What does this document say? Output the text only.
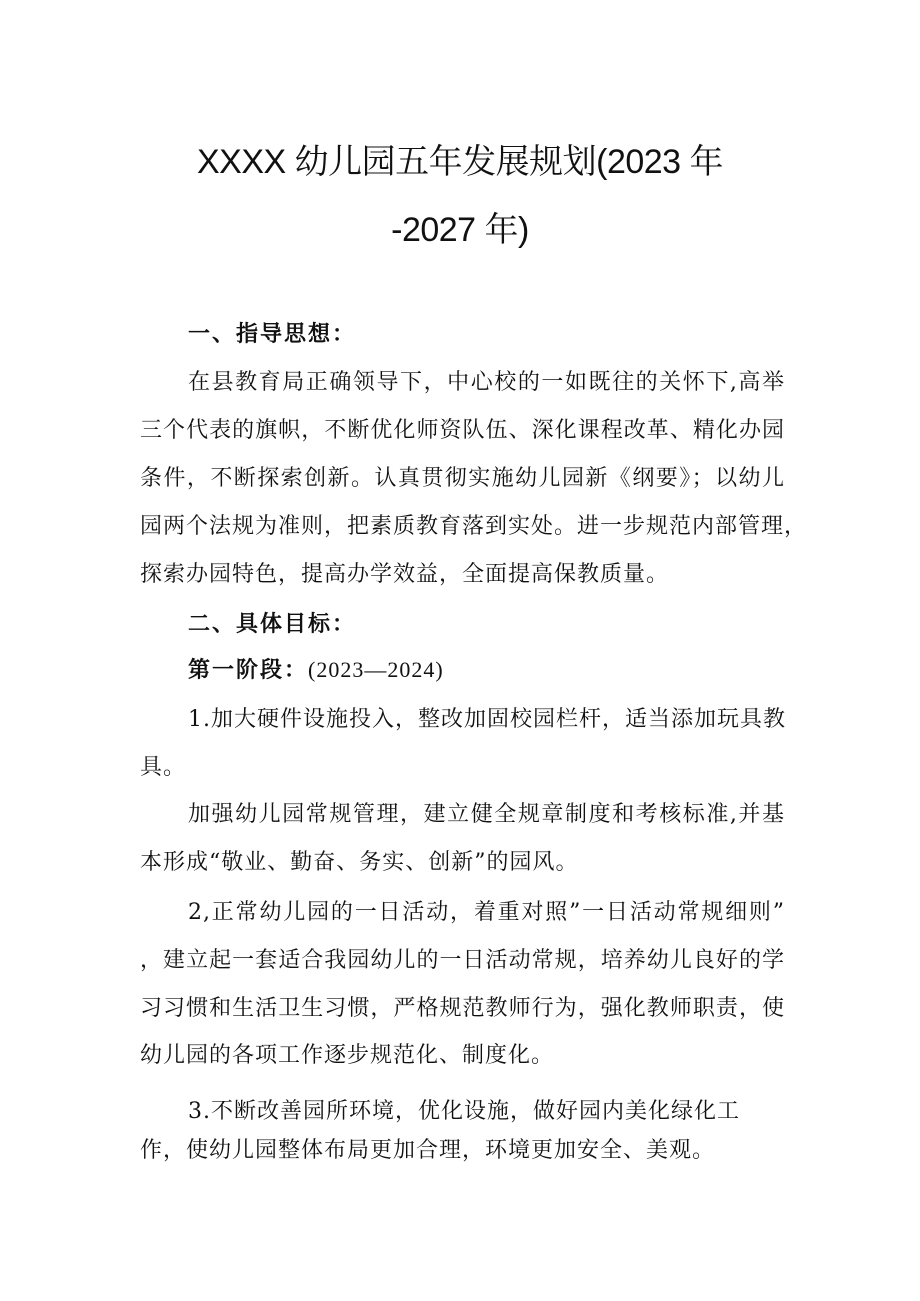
XXXX 幼儿园五年发展规划(2023 年
-2027 年)
一、指导思想：
在县教育局正确领导下，中心校的一如既往的关怀下,高举
三个代表的旗帜，不断优化师资队伍、深化课程改革、精化办园
条件，不断探索创新。认真贯彻实施幼儿园新《纲要》；以幼儿
园两个法规为准则，把素质教育落到实处。进一步规范内部管理，
探索办园特色，提高办学效益，全面提高保教质量。
二、具体目标：
第一阶段：(2023—2024)
1.加大硬件设施投入，整改加固校园栏杆，适当添加玩具教
具。
加强幼儿园常规管理，建立健全规章制度和考核标准,并基
本形成“敬业、勤奋、务实、创新”的园风。
2,正常幼儿园的一日活动，着重对照”一日活动常规细则”
，建立起一套适合我园幼儿的一日活动常规，培养幼儿良好的学
习习惯和生活卫生习惯，严格规范教师行为，强化教师职责，使
幼儿园的各项工作逐步规范化、制度化。
3.不断改善园所环境，优化设施，做好园内美化绿化工
作，使幼儿园整体布局更加合理，环境更加安全、美观。
